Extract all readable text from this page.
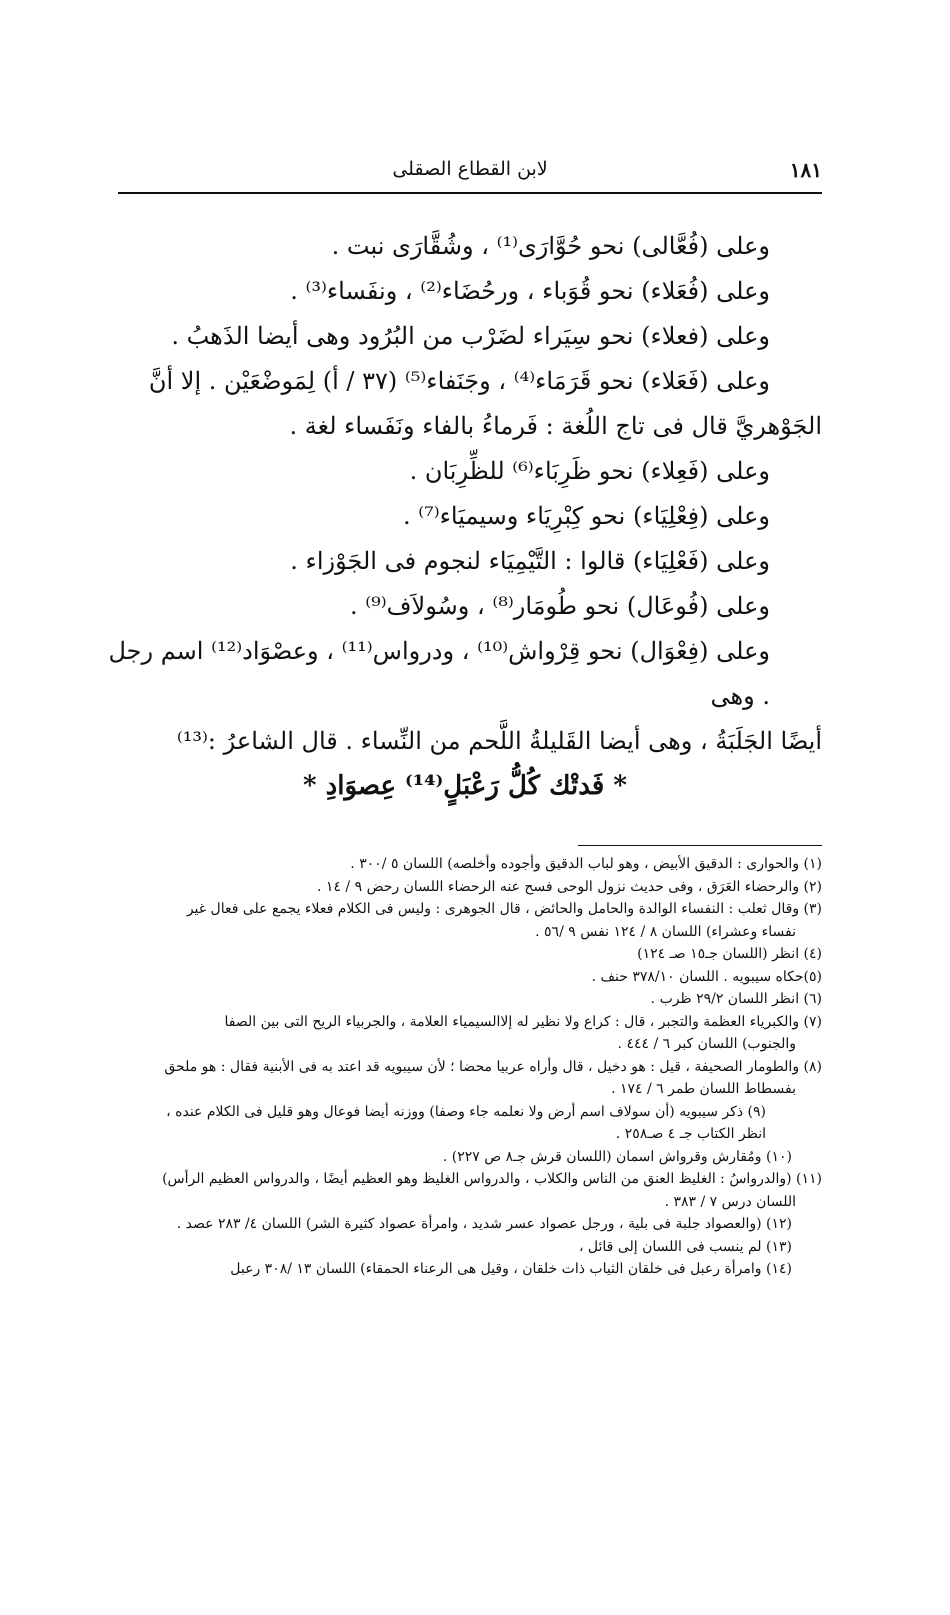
لابن القطاع الصقلى	١٨١

وعلى (فُعَّالى) نحو حُوَّارَى⁽¹⁾ ، وشُقَّارَى نبت .

وعلى (فُعَلاء) نحو قُوَباء ، ورحُضَاء⁽²⁾ ، ونفَساء⁽³⁾ .

وعلى (فعلاء) نحو سِيَراء لضَرْب من البُرُود وهى أيضا الذَهبُ .

وعلى (فَعَلاء) نحو قَرَمَاء⁽⁴⁾ ، وجَنَفاء⁽⁵⁾ (٣٧ / أ) لِمَوضْعَيْن . إلا أنَّ

الجَوْهريَّ قال فى تاج اللُغة : فَرماءُ بالفاء ونَفَساء لغة .

وعلى (فَعِلاء) نحو ظَرِبَاء⁽⁶⁾ للظِّرِبَان .

وعلى (فِعْلِيَاء) نحو كِبْرِيَاء وسيميَاء⁽⁷⁾ .

وعلى (فَعْلِيَاء) قالوا : التَّيْمِيَاء لنجوم فى الجَوْزاء .

وعلى (فُوعَال) نحو طُومَار⁽⁸⁾ ، وسُولاَف⁽⁹⁾ .

وعلى (فِعْوَال) نحو قِرْواش⁽¹⁰⁾ ، ودرواس⁽¹¹⁾ ، وعصْوَاد⁽¹²⁾ اسم رجل . وهى

أيضًا الجَلَبَةُ ، وهى أيضا القَليلةُ اللَّحم من النِّساء . قال الشاعرُ :⁽¹³⁾

* فَدتْك كُلُّ رَعْبَلٍ⁽¹⁴⁾ عِصوَادِ *

(١) والحوارى : الدقيق الأبيض ، وهو لباب الدقيق وأجوده وأخلصه) اللسان ٥ /٣٠٠ .

(٢) والرحضاء العَرَق ، وفى حديث نزول الوحى فسح عنه الرحضاء اللسان رحض ٩ / ١٤ .

(٣) وقال ثعلب : النفساء الوالدة والحامل والحائض ، قال الجوهرى : وليس فى الكلام فعلاء يجمع على فعال غير

نفساء وعشراء) اللسان ٨ / ١٢٤ نفس ٩ /٥٦ .

(٤) انظر (اللسان جـ١٥ صـ ١٢٤)

(٥)حكاه سيبويه . اللسان ٣٧٨/١٠ حنف .

(٦) انظر اللسان ٢٩/٢ ظرب .

(٧) والكبرياء العظمة والتجبر ، قال : كراع ولا نظير له إلاالسيمياء العلامة ، والجربياء الريح التى بين الصفا

والجنوب) اللسان كبر ٦ / ٤٤٤ .

(٨) والطومار الصحيفة ، قيل : هو دخيل ، قال وأراه عربيا محضا ؛ لأن سيبويه قد اعتد به فى الأبنية فقال : هو ملحق

بفسطاط اللسان طمر ٦ / ١٧٤ .

(٩) ذكر سيبويه (أن سولاف اسم أرض ولا نعلمه جاء وصفا) ووزنه أيضا فوعال وهو قليل فى الكلام عنده ،

انظر الكتاب جـ ٤ صـ٢٥٨ .

(١٠) ومُقارش وقرواش اسمان (اللسان قرش جـ٨ ص ٢٢٧) .

(١١) (والدرواسُ : الغليظ العنق من الناس والكلاب ، والدرواس الغليظ وهو العظيم أيضًا ، والدرواس العظيم الرأس)

اللسان درس ٧ / ٣٨٣ .

(١٢) (والعصواد جلبة فى بلية ، ورجل عصواد عسر شديد ، وامرأة عصواد كثيرة الشر) اللسان ٤/ ٢٨٣ عصد .

(١٣) لم ينسب فى اللسان إلى قائل ،

(١٤) وامرأة رعبل فى خلقان الثياب ذات خلقان ، وقيل هى الرعناء الحمقاء) اللسان ١٣ /٣٠٨ رعبل
